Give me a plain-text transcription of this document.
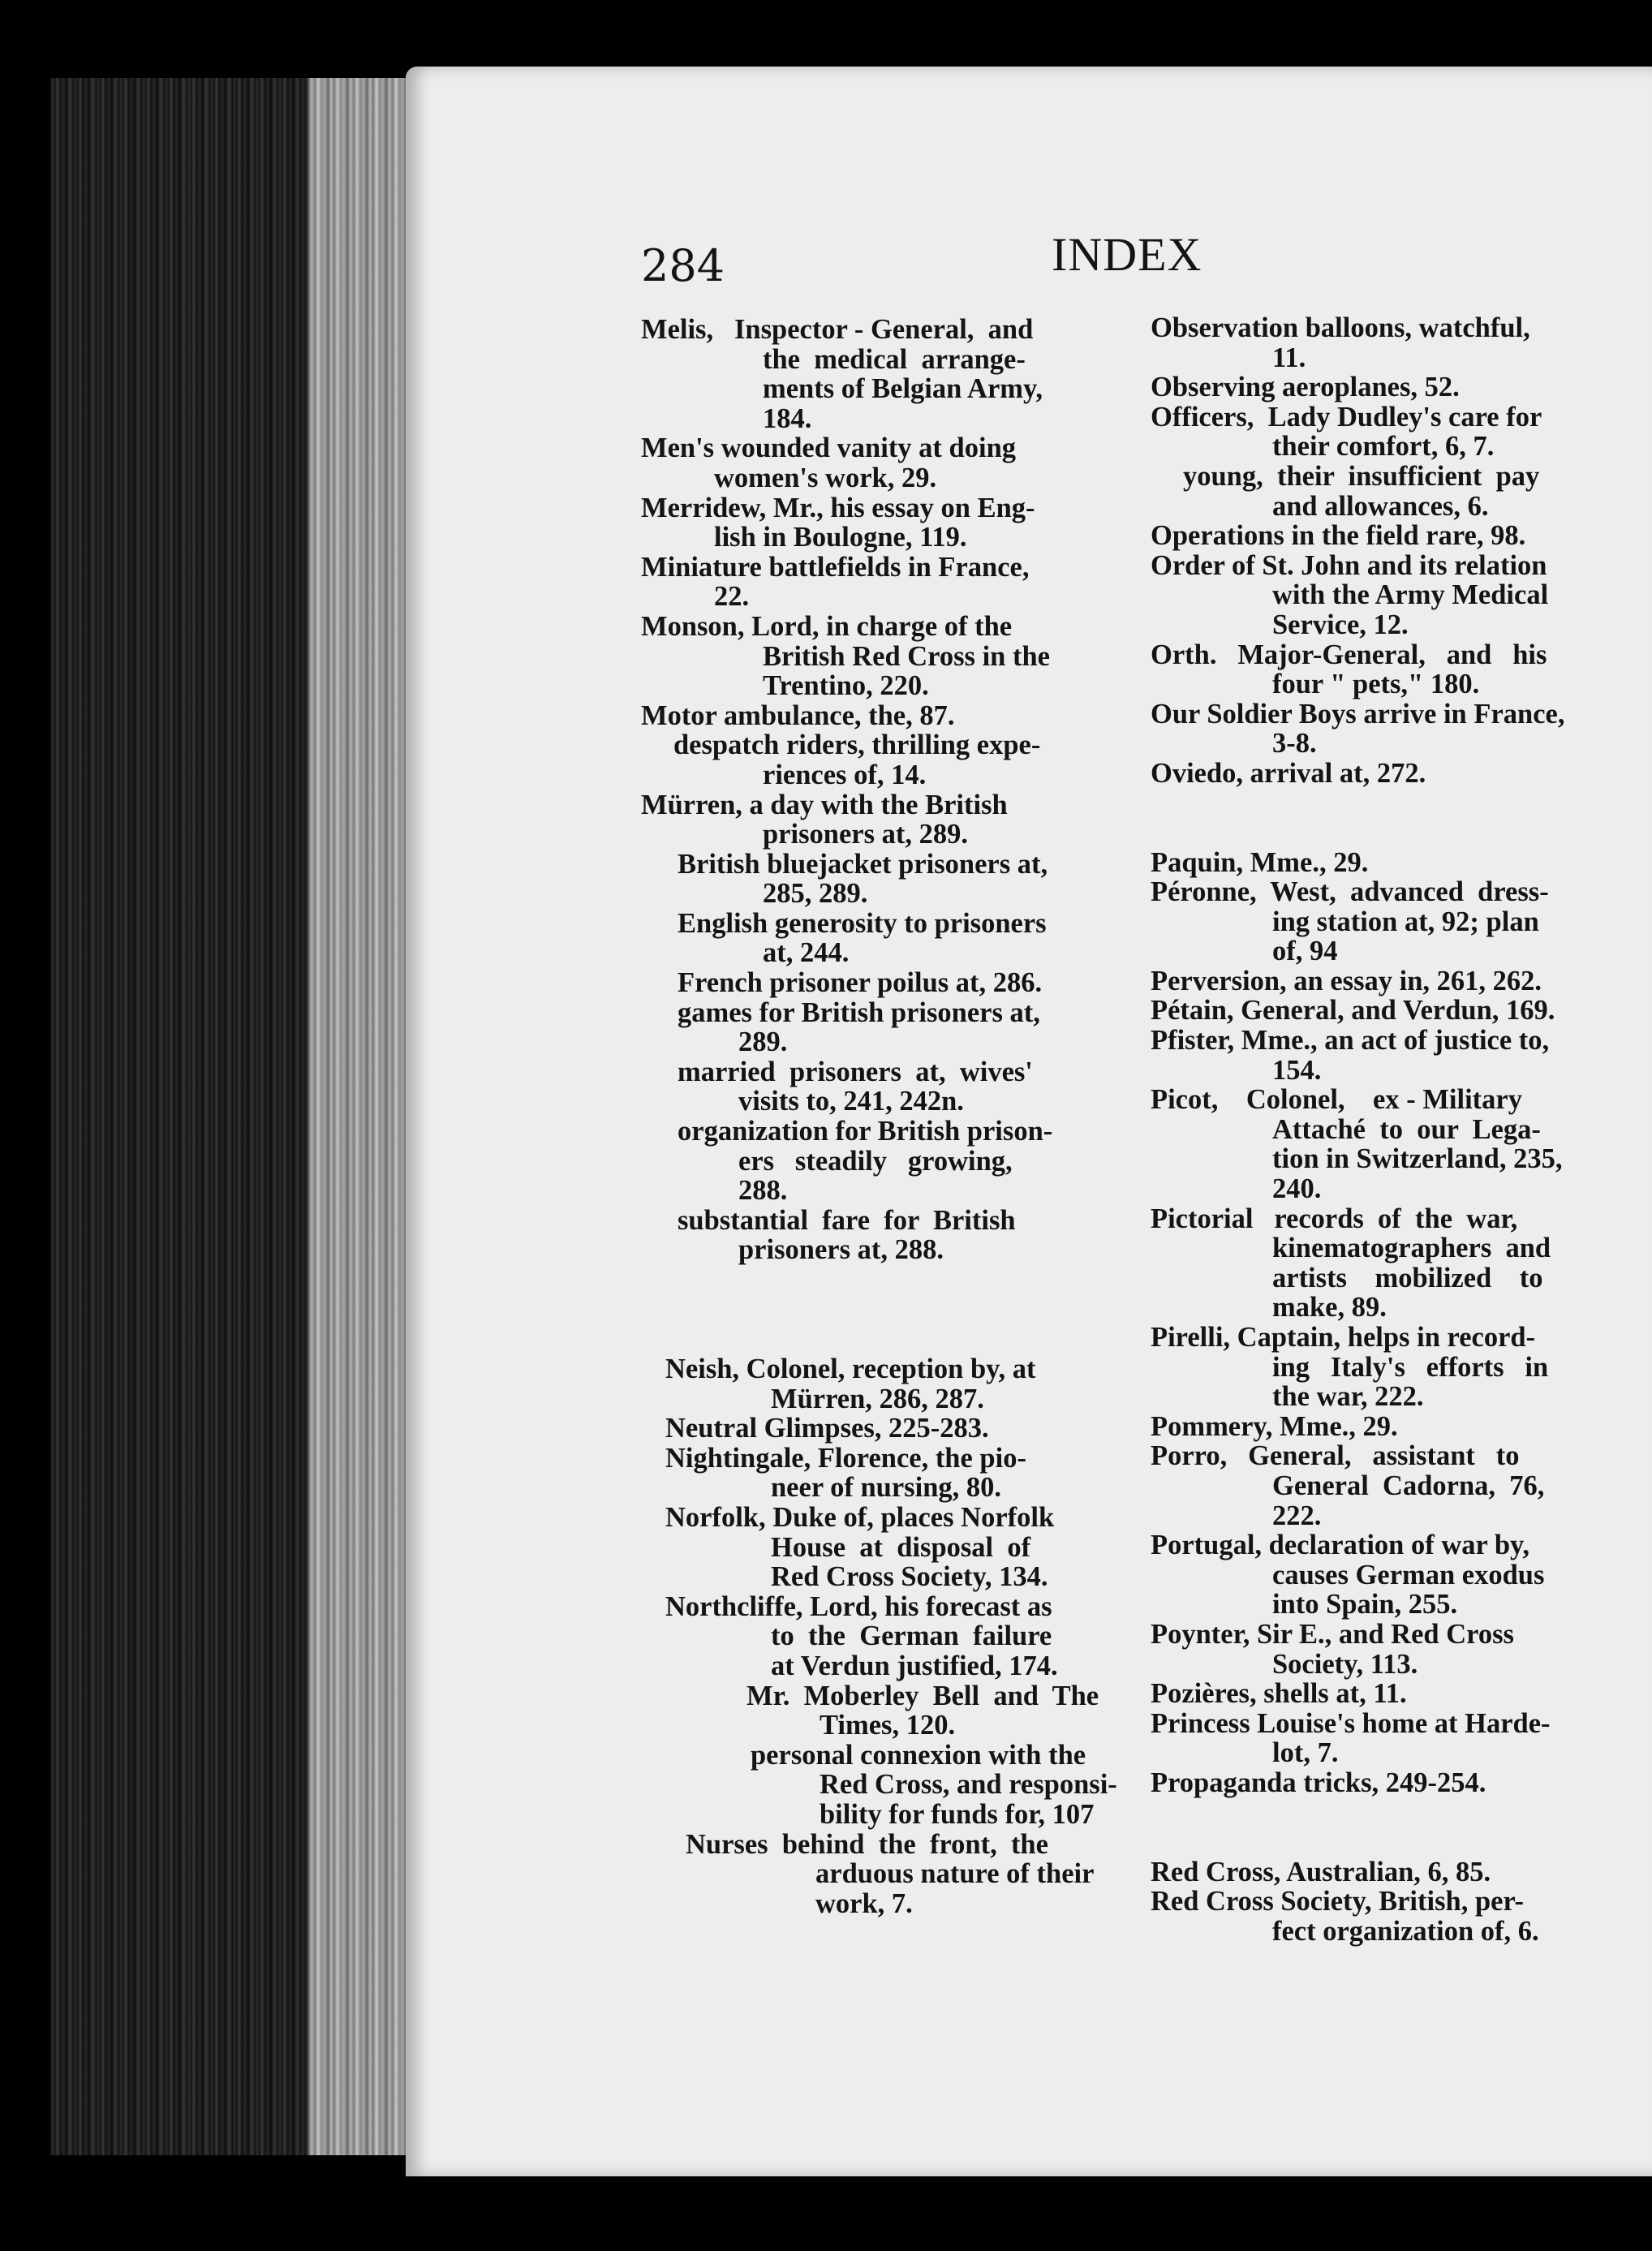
284	INDEX
Melis,   Inspector - General,  and
the  medical  arrange-
ments of Belgian Army,
184.
Men's wounded vanity at doing
women's work, 29.
Merridew, Mr., his essay on Eng-
lish in Boulogne, 119.
Miniature battlefields in France,
22.
Monson, Lord, in charge of the
British Red Cross in the
Trentino, 220.
Motor ambulance, the, 87.
despatch riders, thrilling expe-
riences of, 14.
Mürren, a day with the British
prisoners at, 289.
British bluejacket prisoners at,
285, 289.
English generosity to prisoners
at, 244.
French prisoner poilus at, 286.
games for British prisoners at,
289.
married  prisoners  at,  wives'
visits to, 241, 242n.
organization for British prison-
ers   steadily   growing,
288.
substantial  fare  for  British
prisoners at, 288.
Neish, Colonel, reception by, at
Mürren, 286, 287.
Neutral Glimpses, 225-283.
Nightingale, Florence, the pio-
neer of nursing, 80.
Norfolk, Duke of, places Norfolk
House  at  disposal  of
Red Cross Society, 134.
Northcliffe, Lord, his forecast as
to  the  German  failure
at Verdun justified, 174.
Mr.  Moberley  Bell  and  The
Times, 120.
personal connexion with the
Red Cross, and responsi-
bility for funds for, 107
Nurses  behind  the  front,  the
arduous nature of their
work, 7.
Observation balloons, watchful,
11.
Observing aeroplanes, 52.
Officers,  Lady Dudley's care for
their comfort, 6, 7.
young,  their  insufficient  pay
and allowances, 6.
Operations in the field rare, 98.
Order of St. John and its relation
with the Army Medical
Service, 12.
Orth.   Major-General,   and   his
four " pets," 180.
Our Soldier Boys arrive in France,
3-8.
Oviedo, arrival at, 272.
Paquin, Mme., 29.
Péronne,  West,  advanced  dress-
ing station at, 92; plan
of, 94
Perversion, an essay in, 261, 262.
Pétain, General, and Verdun, 169.
Pfister, Mme., an act of justice to,
154.
Picot,    Colonel,    ex - Military
Attaché  to  our  Lega-
tion in Switzerland, 235,
240.
Pictorial   records  of  the  war,
kinematographers  and
artists    mobilized    to
make, 89.
Pirelli, Captain, helps in record-
ing   Italy's   efforts   in
the war, 222.
Pommery, Mme., 29.
Porro,   General,   assistant   to
General  Cadorna,  76,
222.
Portugal, declaration of war by,
causes German exodus
into Spain, 255.
Poynter, Sir E., and Red Cross
Society, 113.
Pozières, shells at, 11.
Princess Louise's home at Harde-
lot, 7.
Propaganda tricks, 249-254.
Red Cross, Australian, 6, 85.
Red Cross Society, British, per-
fect organization of, 6.
